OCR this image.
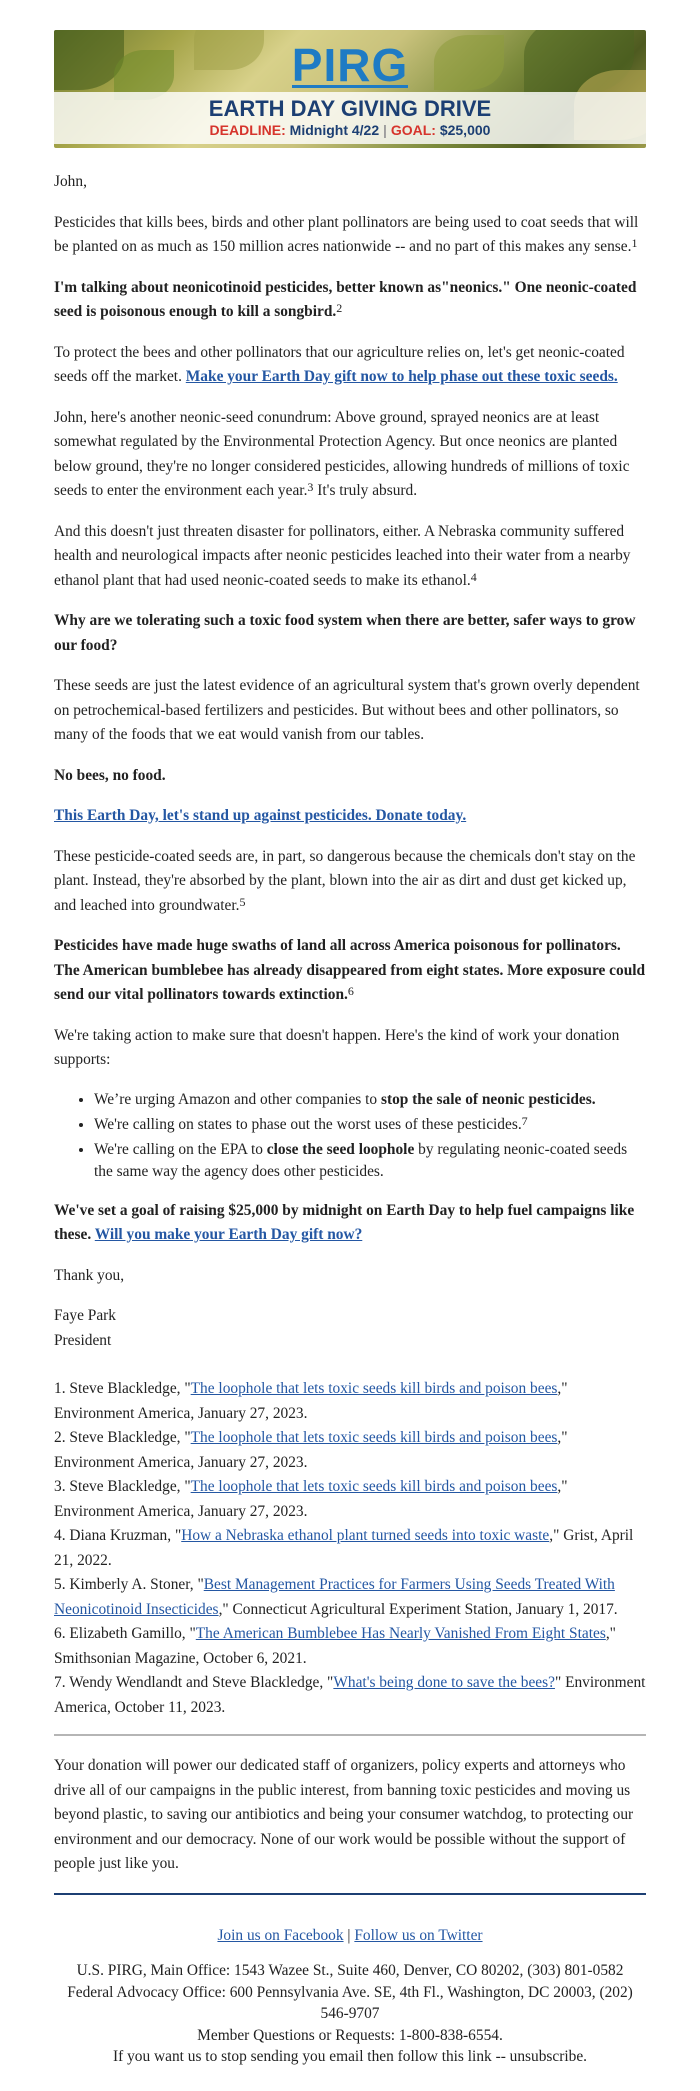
PIRG
EARTH DAY GIVING DRIVE
DEADLINE: Midnight 4/22 | GOAL: $25,000

John,

Pesticides that kills bees, birds and other plant pollinators are being used to coat seeds that will be planted on as much as 150 million acres nationwide -- and no part of this makes any sense.$^1$

I'm talking about neonicotinoid pesticides, better known as"neonics." One neonic-coated seed is poisonous enough to kill a songbird.$^2$

To protect the bees and other pollinators that our agriculture relies on, let's get neonic-coated seeds off the market. Make your Earth Day gift now to help phase out these toxic seeds.

John, here's another neonic-seed conundrum: Above ground, sprayed neonics are at least somewhat regulated by the Environmental Protection Agency. But once neonics are planted below ground, they're no longer considered pesticides, allowing hundreds of millions of toxic seeds to enter the environment each year.$^3$ It's truly absurd.

And this doesn't just threaten disaster for pollinators, either. A Nebraska community suffered health and neurological impacts after neonic pesticides leached into their water from a nearby ethanol plant that had used neonic-coated seeds to make its ethanol.$^4$

Why are we tolerating such a toxic food system when there are better, safer ways to grow our food?

These seeds are just the latest evidence of an agricultural system that's grown overly dependent on petrochemical-based fertilizers and pesticides. But without bees and other pollinators, so many of the foods that we eat would vanish from our tables.

No bees, no food.

This Earth Day, let's stand up against pesticides. Donate today.

These pesticide-coated seeds are, in part, so dangerous because the chemicals don't stay on the plant. Instead, they're absorbed by the plant, blown into the air as dirt and dust get kicked up, and leached into groundwater.$^5$

Pesticides have made huge swaths of land all across America poisonous for pollinators. The American bumblebee has already disappeared from eight states. More exposure could send our vital pollinators towards extinction.$^6$

We're taking action to make sure that doesn't happen. Here's the kind of work your donation supports:

• We’re urging Amazon and other companies to stop the sale of neonic pesticides.
• We're calling on states to phase out the worst uses of these pesticides.$^7$
• We're calling on the EPA to close the seed loophole by regulating neonic-coated seeds the same way the agency does other pesticides.

We've set a goal of raising $25,000 by midnight on Earth Day to help fuel campaigns like these. Will you make your Earth Day gift now?

Thank you,

Faye Park
President

1. Steve Blackledge, "The loophole that lets toxic seeds kill birds and poison bees," Environment America, January 27, 2023.
2. Steve Blackledge, "The loophole that lets toxic seeds kill birds and poison bees," Environment America, January 27, 2023.
3. Steve Blackledge, "The loophole that lets toxic seeds kill birds and poison bees," Environment America, January 27, 2023.
4. Diana Kruzman, "How a Nebraska ethanol plant turned seeds into toxic waste," Grist, April 21, 2022.
5. Kimberly A. Stoner, "Best Management Practices for Farmers Using Seeds Treated With Neonicotinoid Insecticides," Connecticut Agricultural Experiment Station, January 1, 2017.
6. Elizabeth Gamillo, "The American Bumblebee Has Nearly Vanished From Eight States," Smithsonian Magazine, October 6, 2021.
7. Wendy Wendlandt and Steve Blackledge, "What's being done to save the bees?" Environment America, October 11, 2023.

Your donation will power our dedicated staff of organizers, policy experts and attorneys who drive all of our campaigns in the public interest, from banning toxic pesticides and moving us beyond plastic, to saving our antibiotics and being your consumer watchdog, to protecting our environment and our democracy. None of our work would be possible without the support of people just like you.

Join us on Facebook | Follow us on Twitter
U.S. PIRG, Main Office: 1543 Wazee St., Suite 460, Denver, CO 80202, (303) 801-0582
Federal Advocacy Office: 600 Pennsylvania Ave. SE, 4th Fl., Washington, DC 20003, (202) 546-9707
Member Questions or Requests: 1-800-838-6554.
If you want us to stop sending you email then follow this link -- unsubscribe.
